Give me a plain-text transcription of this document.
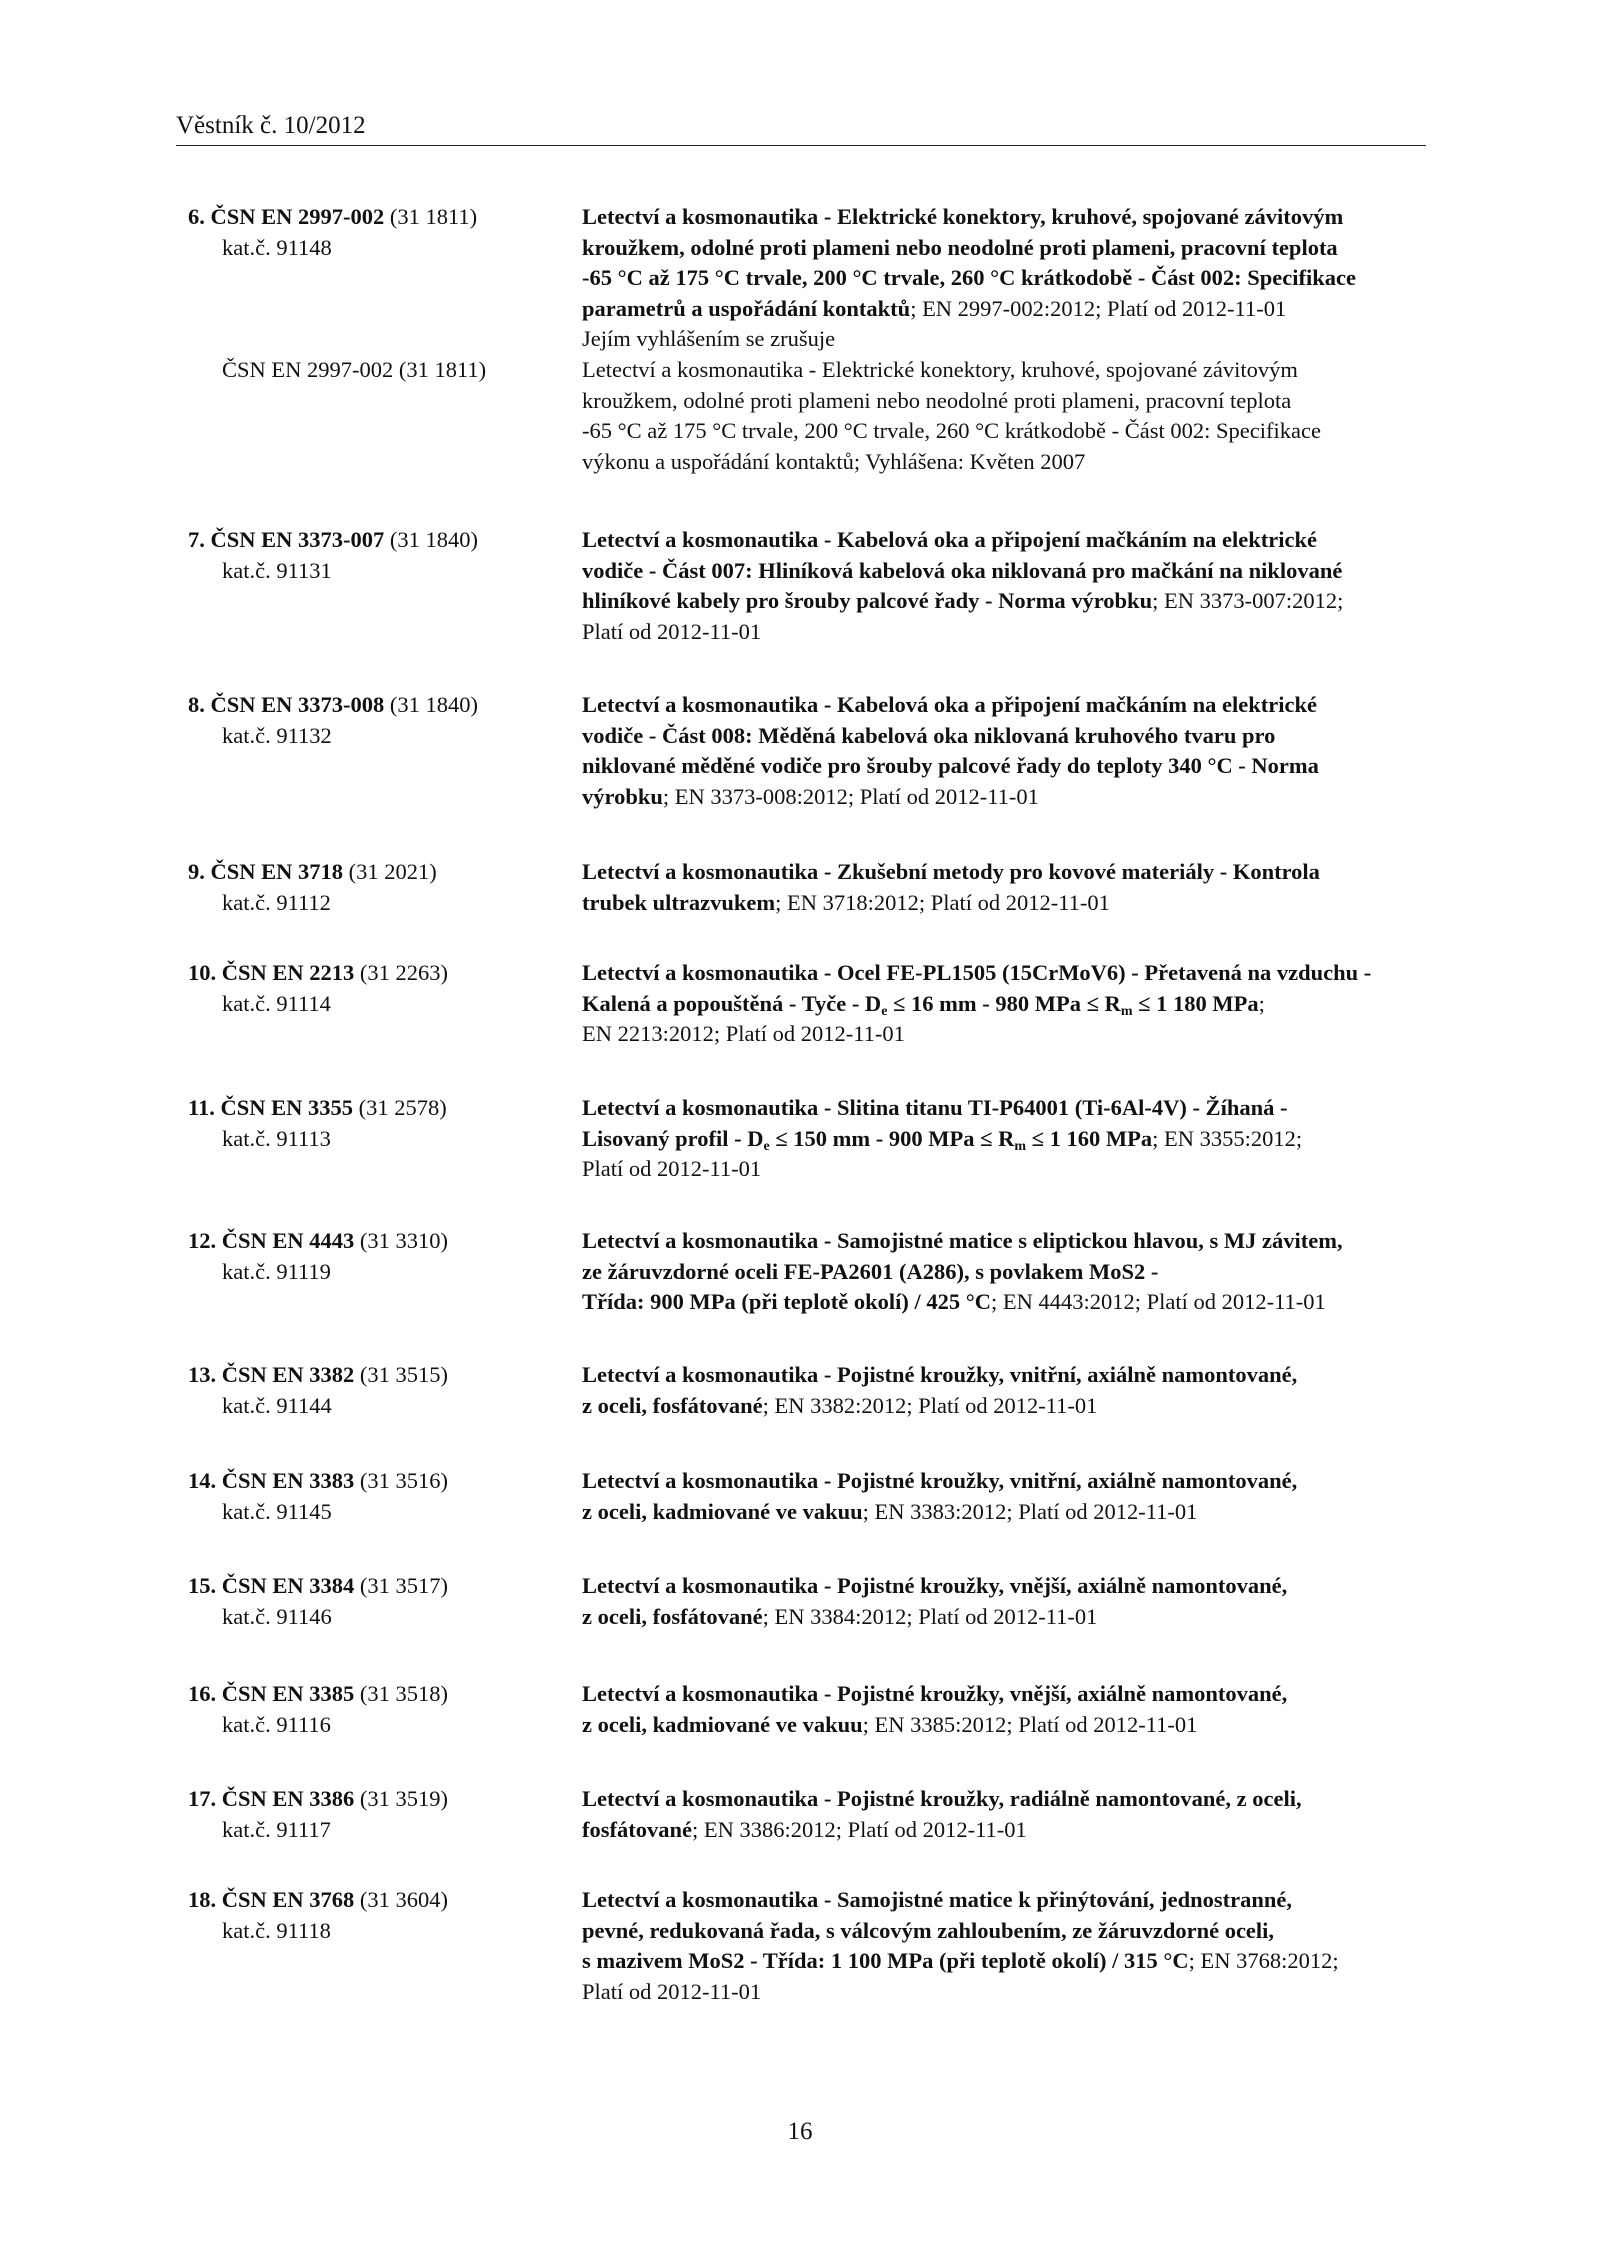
Věstník č. 10/2012
6. ČSN EN 2997-002 (31 1811)
kat.č. 91148
Letectví a kosmonautika - Elektrické konektory, kruhové, spojované závitovým
kroužkem, odolné proti plameni nebo neodolné proti plameni, pracovní teplota
-65 °C až 175 °C trvale, 200 °C trvale, 260 °C krátkodobě - Část 002: Specifikace
parametrů a uspořádání kontaktů; EN 2997-002:2012; Platí od 2012-11-01
Jejím vyhlášením se zrušuje
ČSN EN 2997-002 (31 1811)	Letectví a kosmonautika - Elektrické konektory, kruhové, spojované závitovým
kroužkem, odolné proti plameni nebo neodolné proti plameni, pracovní teplota
-65 °C až 175 °C trvale, 200 °C trvale, 260 °C krátkodobě - Část 002: Specifikace
výkonu a uspořádání kontaktů; Vyhlášena: Květen 2007
7. ČSN EN 3373-007 (31 1840)
kat.č. 91131
Letectví a kosmonautika - Kabelová oka a připojení mačkáním na elektrické
vodiče - Část 007: Hliníková kabelová oka niklovaná pro mačkání na niklované
hliníkové kabely pro šrouby palcové řady - Norma výrobku; EN 3373-007:2012;
Platí od 2012-11-01
8. ČSN EN 3373-008 (31 1840)
kat.č. 91132
Letectví a kosmonautika - Kabelová oka a připojení mačkáním na elektrické
vodiče - Část 008: Měděná kabelová oka niklovaná kruhového tvaru pro
niklované měděné vodiče pro šrouby palcové řady do teploty 340 °C - Norma
výrobku; EN 3373-008:2012; Platí od 2012-11-01
9. ČSN EN 3718 (31 2021)
kat.č. 91112
Letectví a kosmonautika - Zkušební metody pro kovové materiály - Kontrola
trubek ultrazvukem; EN 3718:2012; Platí od 2012-11-01
10. ČSN EN 2213 (31 2263)
kat.č. 91114
Letectví a kosmonautika - Ocel FE-PL1505 (15CrMoV6) - Přetavená na vzduchu -
Kalená a popouštěná - Tyče - $D_e \le 16$ mm - 980 MPa ≤ $R_m \le 1$ 180 MPa;
EN 2213:2012; Platí od 2012-11-01
11. ČSN EN 3355 (31 2578)
kat.č. 91113
Letectví a kosmonautika - Slitina titanu TI-P64001 (Ti-6Al-4V) - Žíhaná -
Lisovaný profil - $D_e \le 150$ mm - 900 MPa ≤ $R_m \le 1$ 160 MPa; EN 3355:2012;
Platí od 2012-11-01
12. ČSN EN 4443 (31 3310)
kat.č. 91119
Letectví a kosmonautika - Samojistné matice s eliptickou hlavou, s MJ závitem,
ze žáruvzdorné oceli FE-PA2601 (A286), s povlakem MoS2 -
Třída: 900 MPa (při teplotě okolí) / 425 °C; EN 4443:2012; Platí od 2012-11-01
13. ČSN EN 3382 (31 3515)
kat.č. 91144
Letectví a kosmonautika - Pojistné kroužky, vnitřní, axiálně namontované,
z oceli, fosfátované; EN 3382:2012; Platí od 2012-11-01
14. ČSN EN 3383 (31 3516)
kat.č. 91145
Letectví a kosmonautika - Pojistné kroužky, vnitřní, axiálně namontované,
z oceli, kadmiované ve vakuu; EN 3383:2012; Platí od 2012-11-01
15. ČSN EN 3384 (31 3517)
kat.č. 91146
Letectví a kosmonautika - Pojistné kroužky, vnější, axiálně namontované,
z oceli, fosfátované; EN 3384:2012; Platí od 2012-11-01
16. ČSN EN 3385 (31 3518)
kat.č. 91116
Letectví a kosmonautika - Pojistné kroužky, vnější, axiálně namontované,
z oceli, kadmiované ve vakuu; EN 3385:2012; Platí od 2012-11-01
17. ČSN EN 3386 (31 3519)
kat.č. 91117
Letectví a kosmonautika - Pojistné kroužky, radiálně namontované, z oceli,
fosfátované; EN 3386:2012; Platí od 2012-11-01
18. ČSN EN 3768 (31 3604)
kat.č. 91118
Letectví a kosmonautika - Samojistné matice k přinýtování, jednostranné,
pevné, redukovaná řada, s válcovým zahloubením, ze žáruvzdorné oceli,
s mazivem MoS2 - Třída: 1 100 MPa (při teplotě okolí) / 315 °C; EN 3768:2012;
Platí od 2012-11-01
16
